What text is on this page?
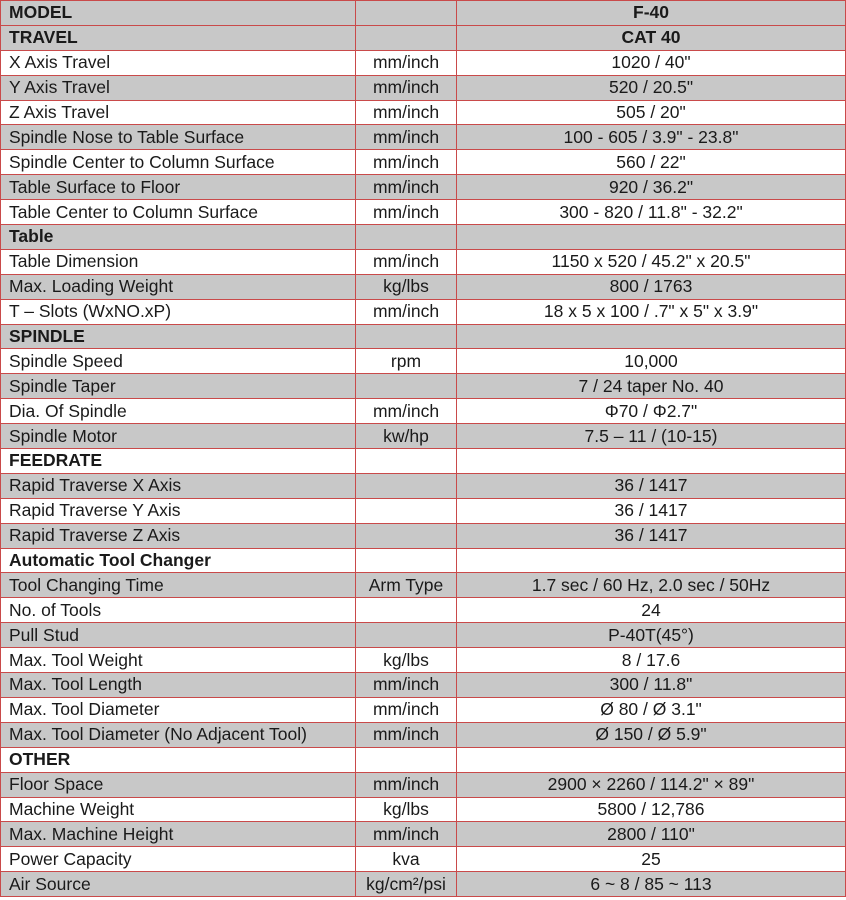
MODEL		F-40
TRAVEL		CAT 40
X Axis Travel	mm/inch	1020 / 40"
Y Axis Travel	mm/inch	520 / 20.5"
Z Axis Travel	mm/inch	505 / 20"
Spindle Nose to Table Surface	mm/inch	100 - 605 / 3.9" - 23.8"
Spindle Center to Column Surface	mm/inch	560 / 22"
Table Surface to Floor	mm/inch	920 / 36.2"
Table Center to Column Surface	mm/inch	300 - 820 / 11.8" - 32.2"
Table		
Table Dimension	mm/inch	1150 x 520 / 45.2" x 20.5"
Max. Loading Weight	kg/lbs	800 / 1763
T – Slots (WxNO.xP)	mm/inch	18 x 5 x 100 / .7" x 5" x 3.9"
SPINDLE		
Spindle Speed	rpm	10,000
Spindle Taper		7 / 24 taper No. 40
Dia. Of Spindle	mm/inch	Φ70 / Φ2.7"
Spindle Motor	kw/hp	7.5 – 11 / (10-15)
FEEDRATE		
Rapid Traverse X Axis		36 / 1417
Rapid Traverse Y Axis		36 / 1417
Rapid Traverse Z Axis		36 / 1417
Automatic Tool Changer		
Tool Changing Time	Arm Type	1.7 sec / 60 Hz, 2.0 sec / 50Hz
No. of Tools		24
Pull Stud		P-40T(45°)
Max. Tool Weight	kg/lbs	8 / 17.6
Max. Tool Length	mm/inch	300 / 11.8"
Max. Tool Diameter	mm/inch	Ø 80 / Ø 3.1"
Max. Tool Diameter (No Adjacent Tool)	mm/inch	Ø 150 / Ø 5.9"
OTHER		
Floor Space	mm/inch	2900 × 2260 / 114.2" × 89"
Machine Weight	kg/lbs	5800 / 12,786
Max. Machine Height	mm/inch	2800 / 110"
Power Capacity	kva	25
Air Source	kg/cm²/psi	6 ~ 8 / 85 ~ 113
